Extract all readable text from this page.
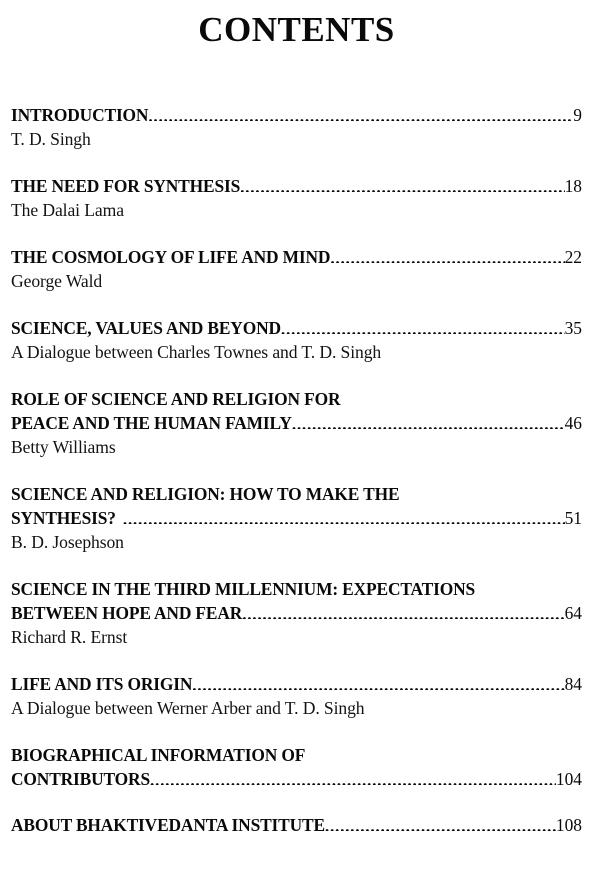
CONTENTS
INTRODUCTION .....	9
T. D. Singh
THE NEED FOR SYNTHESIS .....	18
The Dalai Lama
THE COSMOLOGY OF LIFE AND MIND .....	22
George Wald
SCIENCE, VALUES AND BEYOND .....	35
A Dialogue between Charles Townes and T. D. Singh
ROLE OF SCIENCE AND RELIGION FOR
PEACE AND THE HUMAN FAMILY .....	46
Betty Williams
SCIENCE AND RELIGION: HOW TO MAKE THE
SYNTHESIS? .....	51
B. D. Josephson
SCIENCE IN THE THIRD MILLENNIUM: EXPECTATIONS
BETWEEN HOPE AND FEAR .....	64
Richard R. Ernst
LIFE AND ITS ORIGIN .....	84
A Dialogue between Werner Arber and T. D. Singh
BIOGRAPHICAL INFORMATION OF
CONTRIBUTORS .....	104
ABOUT BHAKTIVEDANTA INSTITUTE .....	108
